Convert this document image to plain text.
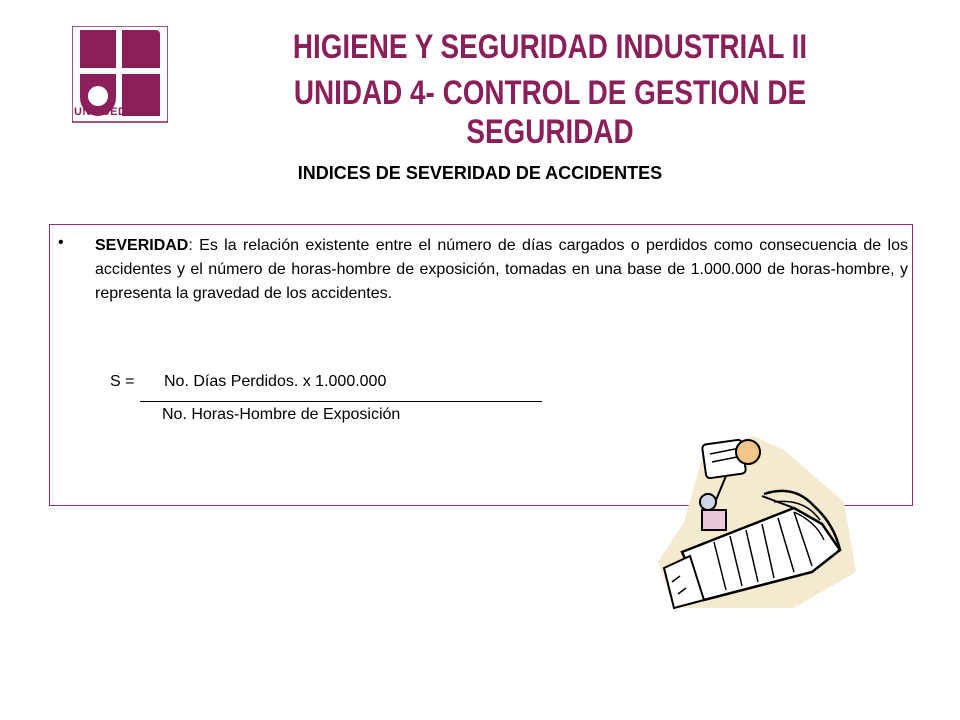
UNIOJEDA
HIGIENE Y SEGURIDAD INDUSTRIAL II
UNIDAD 4- CONTROL DE GESTION DE SEGURIDAD
INDICES DE SEVERIDAD DE ACCIDENTES
• SEVERIDAD: Es la relación existente entre el número de días cargados o perdidos como consecuencia de los accidentes y el número de horas-hombre de exposición, tomadas en una base de 1.000.000 de horas-hombre, y representa la gravedad de los accidentes.
S = No. Días Perdidos. x 1.000.000
No. Horas-Hombre de Exposición
